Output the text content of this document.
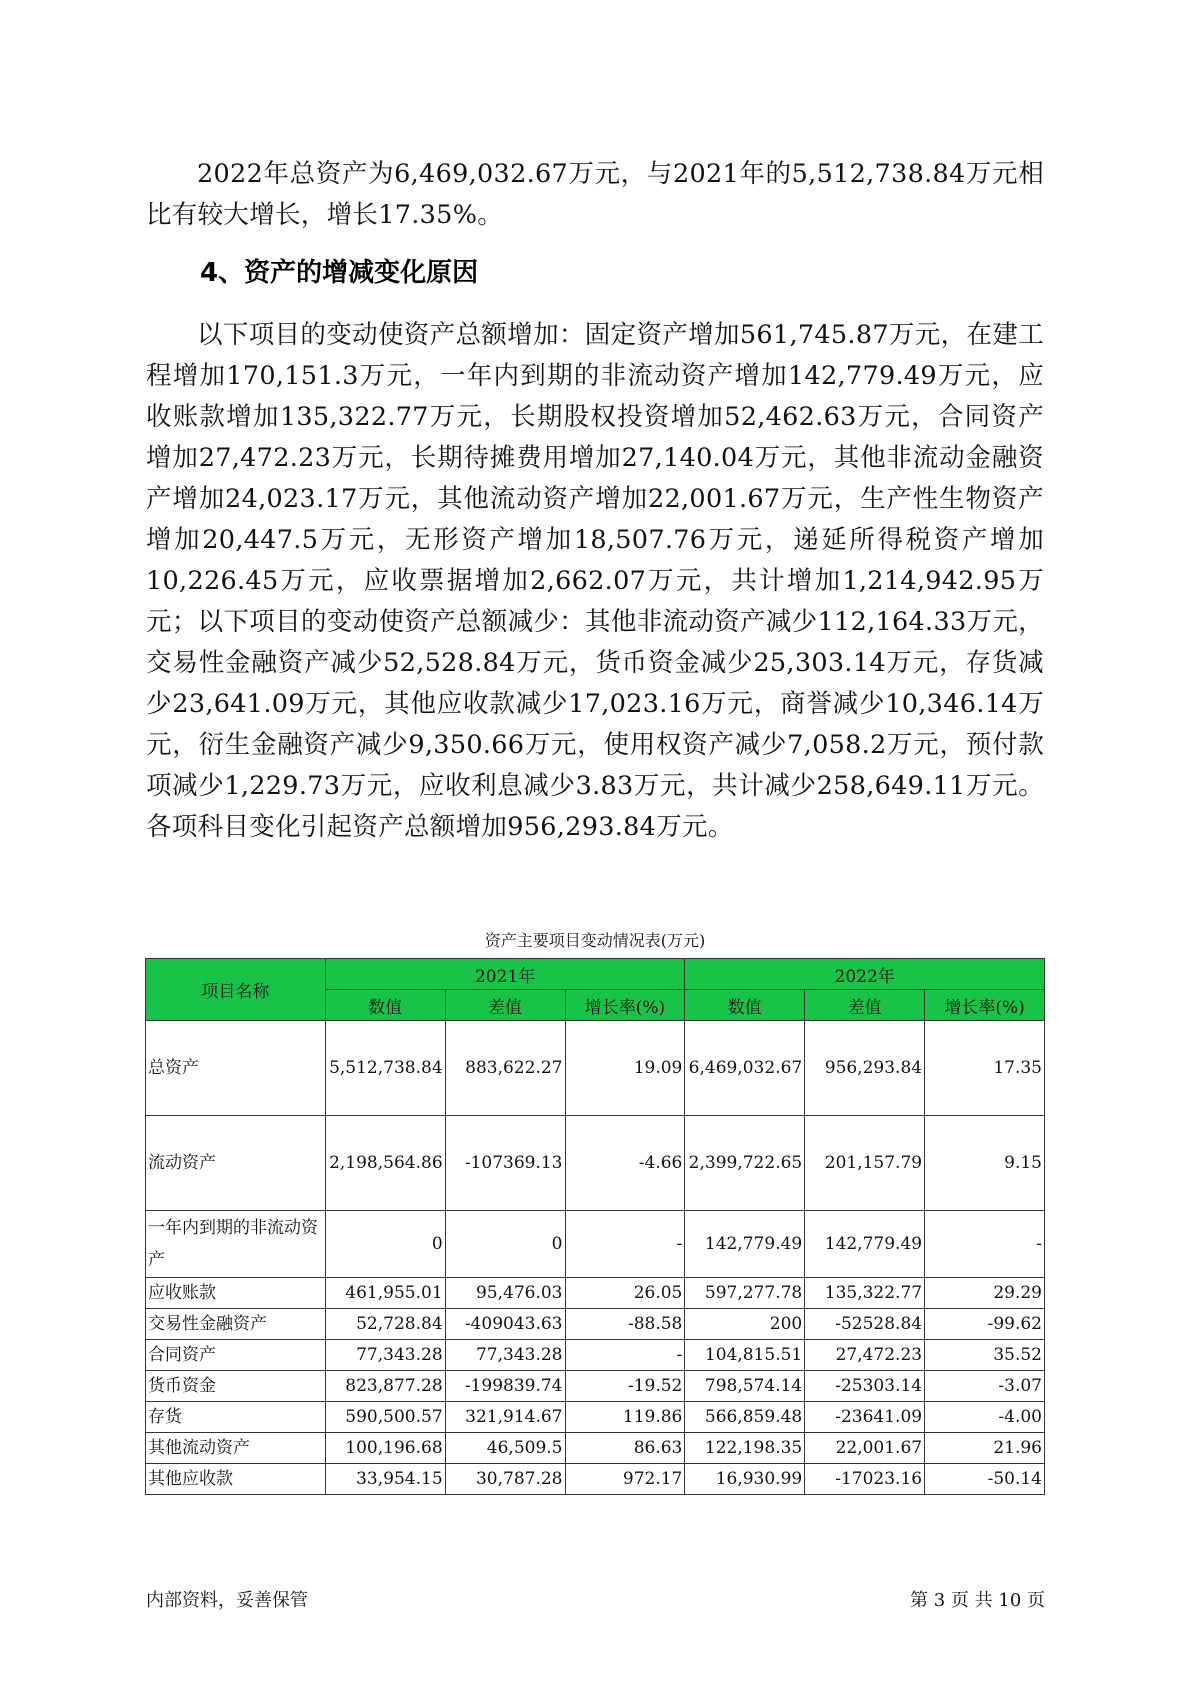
2022年总资产为6,469,032.67万元，与2021年的5,512,738.84万元相比有较大增长，增长17.35%。

4、资产的增减变化原因

以下项目的变动使资产总额增加：固定资产增加561,745.87万元，在建工程增加170,151.3万元，一年内到期的非流动资产增加142,779.49万元，应收账款增加135,322.77万元，长期股权投资增加52,462.63万元，合同资产增加27,472.23万元，长期待摊费用增加27,140.04万元，其他非流动金融资产增加24,023.17万元，其他流动资产增加22,001.67万元，生产性生物资产增加20,447.5万元，无形资产增加18,507.76万元，递延所得税资产增加10,226.45万元，应收票据增加2,662.07万元，共计增加1,214,942.95万元；以下项目的变动使资产总额减少：其他非流动资产减少112,164.33万元，交易性金融资产减少52,528.84万元，货币资金减少25,303.14万元，存货减少23,641.09万元，其他应收款减少17,023.16万元，商誉减少10,346.14万元，衍生金融资产减少9,350.66万元，使用权资产减少7,058.2万元，预付款项减少1,229.73万元，应收利息减少3.83万元，共计减少258,649.11万元。各项科目变化引起资产总额增加956,293.84万元。

资产主要项目变动情况表(万元)
项目名称	2021年			2022年		
	数值	差值	增长率(%)	数值	差值	增长率(%)
总资产	5,512,738.84	883,622.27	19.09	6,469,032.67	956,293.84	17.35
流动资产	2,198,564.86	-107369.13	-4.66	2,399,722.65	201,157.79	9.15
一年内到期的非流动资产	0	0	-	142,779.49	142,779.49	-
应收账款	461,955.01	95,476.03	26.05	597,277.78	135,322.77	29.29
交易性金融资产	52,728.84	-409043.63	-88.58	200	-52528.84	-99.62
合同资产	77,343.28	77,343.28	-	104,815.51	27,472.23	35.52
货币资金	823,877.28	-199839.74	-19.52	798,574.14	-25303.14	-3.07
存货	590,500.57	321,914.67	119.86	566,859.48	-23641.09	-4.00
其他流动资产	100,196.68	46,509.5	86.63	122,198.35	22,001.67	21.96
其他应收款	33,954.15	30,787.28	972.17	16,930.99	-17023.16	-50.14
内部资料，妥善保管	第 3 页 共 10 页
